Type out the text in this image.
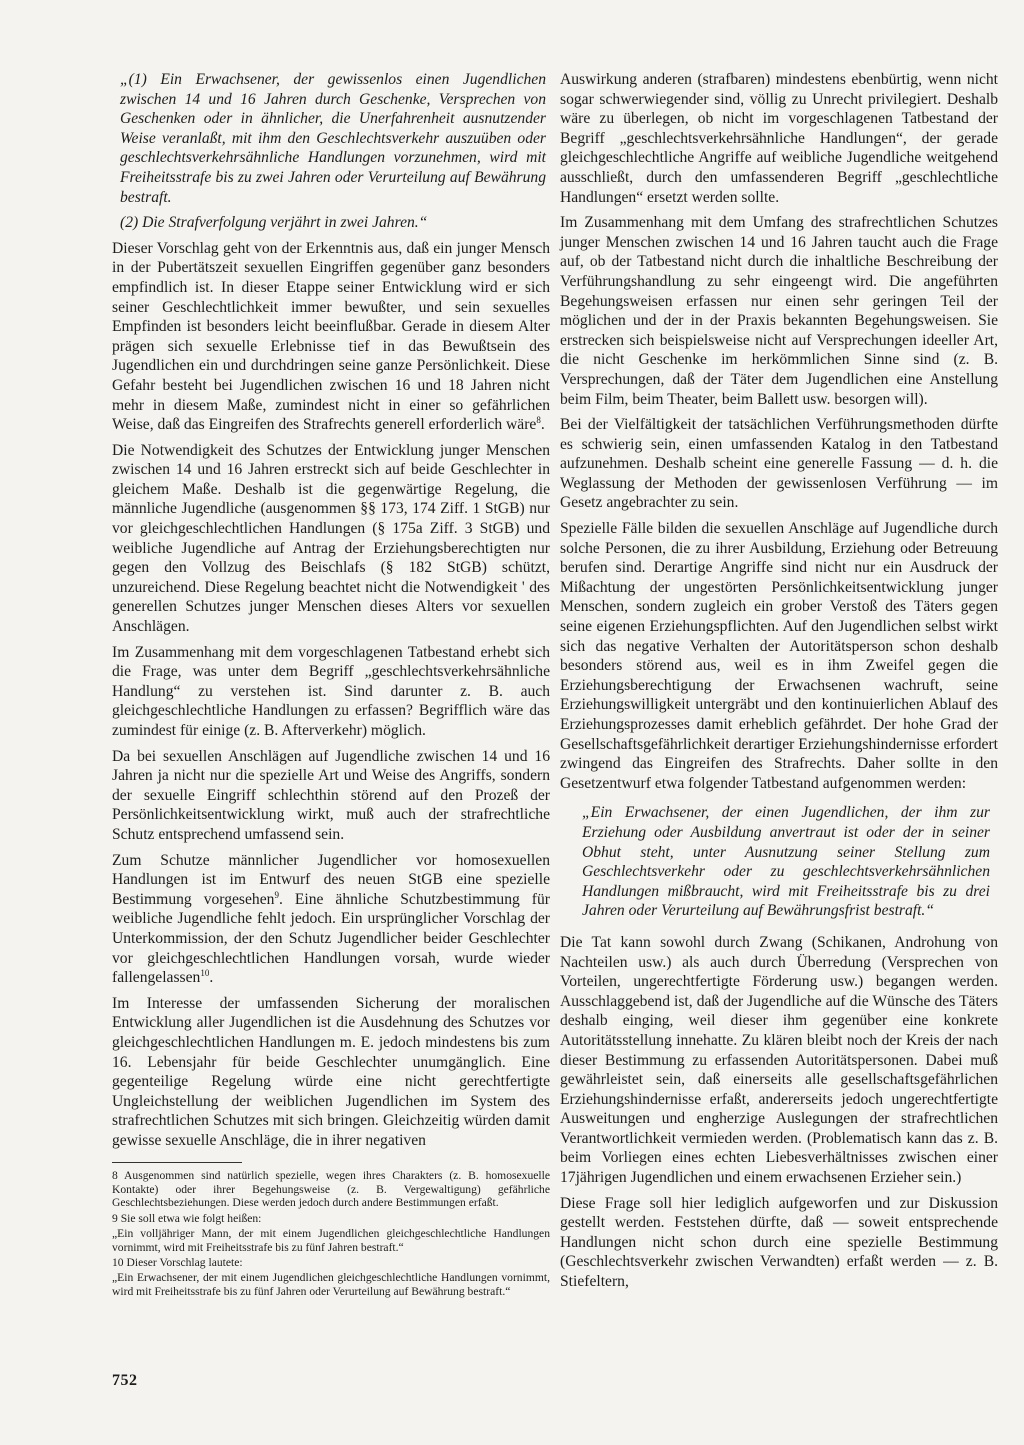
„(1) Ein Erwachsener, der gewissenlos einen Jugendlichen zwischen 14 und 16 Jahren durch Geschenke, Versprechen von Geschenken oder in ähnlicher, die Unerfahrenheit ausnutzender Weise veranlaßt, mit ihm den Geschlechtsverkehr auszuüben oder geschlechtsverkehrsähnliche Handlungen vorzunehmen, wird mit Freiheitsstrafe bis zu zwei Jahren oder Verurteilung auf Bewährung bestraft.

(2) Die Strafverfolgung verjährt in zwei Jahren.“

Dieser Vorschlag geht von der Erkenntnis aus, daß ein junger Mensch in der Pubertätszeit sexuellen Eingriffen gegenüber ganz besonders empfindlich ist. In dieser Etappe seiner Entwicklung wird er sich seiner Geschlechtlichkeit immer bewußter, und sein sexuelles Empfinden ist besonders leicht beeinflußbar. Gerade in diesem Alter prägen sich sexuelle Erlebnisse tief in das Bewußtsein des Jugendlichen ein und durchdringen seine ganze Persönlichkeit. Diese Gefahr besteht bei Jugendlichen zwischen 16 und 18 Jahren nicht mehr in diesem Maße, zumindest nicht in einer so gefährlichen Weise, daß das Eingreifen des Strafrechts generell erforderlich wäre$^8$.

Die Notwendigkeit des Schutzes der Entwicklung junger Menschen zwischen 14 und 16 Jahren erstreckt sich auf beide Geschlechter in gleichem Maße. Deshalb ist die gegenwärtige Regelung, die männliche Jugendliche (ausgenommen §§ 173, 174 Ziff. 1 StGB) nur vor gleichgeschlechtlichen Handlungen (§ 175a Ziff. 3 StGB) und weibliche Jugendliche auf Antrag der Erziehungsberechtigten nur gegen den Vollzug des Beischlafs (§ 182 StGB) schützt, unzureichend. Diese Regelung beachtet nicht die Notwendigkeit ' des generellen Schutzes junger Menschen dieses Alters vor sexuellen Anschlägen.

Im Zusammenhang mit dem vorgeschlagenen Tatbestand erhebt sich die Frage, was unter dem Begriff „geschlechtsverkehrsähnliche Handlung“ zu verstehen ist. Sind darunter z. B. auch gleichgeschlechtliche Handlungen zu erfassen? Begrifflich wäre das zumindest für einige (z. B. Afterverkehr) möglich.

Da bei sexuellen Anschlägen auf Jugendliche zwischen 14 und 16 Jahren ja nicht nur die spezielle Art und Weise des Angriffs, sondern der sexuelle Eingriff schlechthin störend auf den Prozeß der Persönlichkeitsentwicklung wirkt, muß auch der strafrechtliche Schutz entsprechend umfassend sein.

Zum Schutze männlicher Jugendlicher vor homosexuellen Handlungen ist im Entwurf des neuen StGB eine spezielle Bestimmung vorgesehen$^9$. Eine ähnliche Schutzbestimmung für weibliche Jugendliche fehlt jedoch. Ein ursprünglicher Vorschlag der Unterkommission, der den Schutz Jugendlicher beider Geschlechter vor gleichgeschlechtlichen Handlungen vorsah, wurde wieder fallengelassen$^{10}$.

Im Interesse der umfassenden Sicherung der moralischen Entwicklung aller Jugendlichen ist die Ausdehnung des Schutzes vor gleichgeschlechtlichen Handlungen m. E. jedoch mindestens bis zum 16. Lebensjahr für beide Geschlechter unumgänglich. Eine gegenteilige Regelung würde eine nicht gerechtfertigte Ungleichstellung der weiblichen Jugendlichen im System des strafrechtlichen Schutzes mit sich bringen. Gleichzeitig würden damit gewisse sexuelle Anschläge, die in ihrer negativen

8 Ausgenommen sind natürlich spezielle, wegen ihres Charakters (z. B. homosexuelle Kontakte) oder ihrer Begehungsweise (z. B. Vergewaltigung) gefährliche Geschlechtsbeziehungen. Diese werden jedoch durch andere Bestimmungen erfaßt.
9 Sie soll etwa wie folgt heißen:
„Ein volljähriger Mann, der mit einem Jugendlichen gleichgeschlechtliche Handlungen vornimmt, wird mit Freiheitsstrafe bis zu fünf Jahren bestraft.“
10 Dieser Vorschlag lautete:
„Ein Erwachsener, der mit einem Jugendlichen gleichgeschlechtliche Handlungen vornimmt, wird mit Freiheitsstrafe bis zu fünf Jahren oder Verurteilung auf Bewährung bestraft.“

Auswirkung anderen (strafbaren) mindestens ebenbürtig, wenn nicht sogar schwerwiegender sind, völlig zu Unrecht privilegiert. Deshalb wäre zu überlegen, ob nicht im vorgeschlagenen Tatbestand der Begriff „geschlechtsverkehrsähnliche Handlungen“, der gerade gleichgeschlechtliche Angriffe auf weibliche Jugendliche weitgehend ausschließt, durch den umfassenderen Begriff „geschlechtliche Handlungen“ ersetzt werden sollte.

Im Zusammenhang mit dem Umfang des strafrechtlichen Schutzes junger Menschen zwischen 14 und 16 Jahren taucht auch die Frage auf, ob der Tatbestand nicht durch die inhaltliche Beschreibung der Verführungshandlung zu sehr eingeengt wird. Die angeführten Begehungsweisen erfassen nur einen sehr geringen Teil der möglichen und der in der Praxis bekannten Begehungsweisen. Sie erstrecken sich beispielsweise nicht auf Versprechungen ideeller Art, die nicht Geschenke im herkömmlichen Sinne sind (z. B. Versprechungen, daß der Täter dem Jugendlichen eine Anstellung beim Film, beim Theater, beim Ballett usw. besorgen will).

Bei der Vielfältigkeit der tatsächlichen Verführungsmethoden dürfte es schwierig sein, einen umfassenden Katalog in den Tatbestand aufzunehmen. Deshalb scheint eine generelle Fassung — d. h. die Weglassung der Methoden der gewissenlosen Verführung — im Gesetz angebrachter zu sein.

Spezielle Fälle bilden die sexuellen Anschläge auf Jugendliche durch solche Personen, die zu ihrer Ausbildung, Erziehung oder Betreuung berufen sind. Derartige Angriffe sind nicht nur ein Ausdruck der Mißachtung der ungestörten Persönlichkeitsentwicklung junger Menschen, sondern zugleich ein grober Verstoß des Täters gegen seine eigenen Erziehungspflichten. Auf den Jugendlichen selbst wirkt sich das negative Verhalten der Autoritätsperson schon deshalb besonders störend aus, weil es in ihm Zweifel gegen die Erziehungsberechtigung der Erwachsenen wachruft, seine Erziehungswilligkeit untergräbt und den kontinuierlichen Ablauf des Erziehungsprozesses damit erheblich gefährdet. Der hohe Grad der Gesellschaftsgefährlichkeit derartiger Erziehungshindernisse erfordert zwingend das Eingreifen des Strafrechts. Daher sollte in den Gesetzentwurf etwa folgender Tatbestand aufgenommen werden:

„Ein Erwachsener, der einen Jugendlichen, der ihm zur Erziehung oder Ausbildung anvertraut ist oder der in seiner Obhut steht, unter Ausnutzung seiner Stellung zum Geschlechtsverkehr oder zu geschlechtsverkehrsähnlichen Handlungen mißbraucht, wird mit Freiheitsstrafe bis zu drei Jahren oder Verurteilung auf Bewährungsfrist bestraft.“

Die Tat kann sowohl durch Zwang (Schikanen, Androhung von Nachteilen usw.) als auch durch Überredung (Versprechen von Vorteilen, ungerechtfertigte Förderung usw.) begangen werden. Ausschlaggebend ist, daß der Jugendliche auf die Wünsche des Täters deshalb einging, weil dieser ihm gegenüber eine konkrete Autoritätsstellung innehatte. Zu klären bleibt noch der Kreis der nach dieser Bestimmung zu erfassenden Autoritätspersonen. Dabei muß gewährleistet sein, daß einerseits alle gesellschaftsgefährlichen Erziehungshindernisse erfaßt, andererseits jedoch ungerechtfertigte Ausweitungen und engherzige Auslegungen der strafrechtlichen Verantwortlichkeit vermieden werden. (Problematisch kann das z. B. beim Vorliegen eines echten Liebesverhältnisses zwischen einer 17jährigen Jugendlichen und einem erwachsenen Erzieher sein.)

Diese Frage soll hier lediglich aufgeworfen und zur Diskussion gestellt werden. Feststehen dürfte, daß — soweit entsprechende Handlungen nicht schon durch eine spezielle Bestimmung (Geschlechtsverkehr zwischen Verwandten) erfaßt werden — z. B. Stiefeltern,

752
